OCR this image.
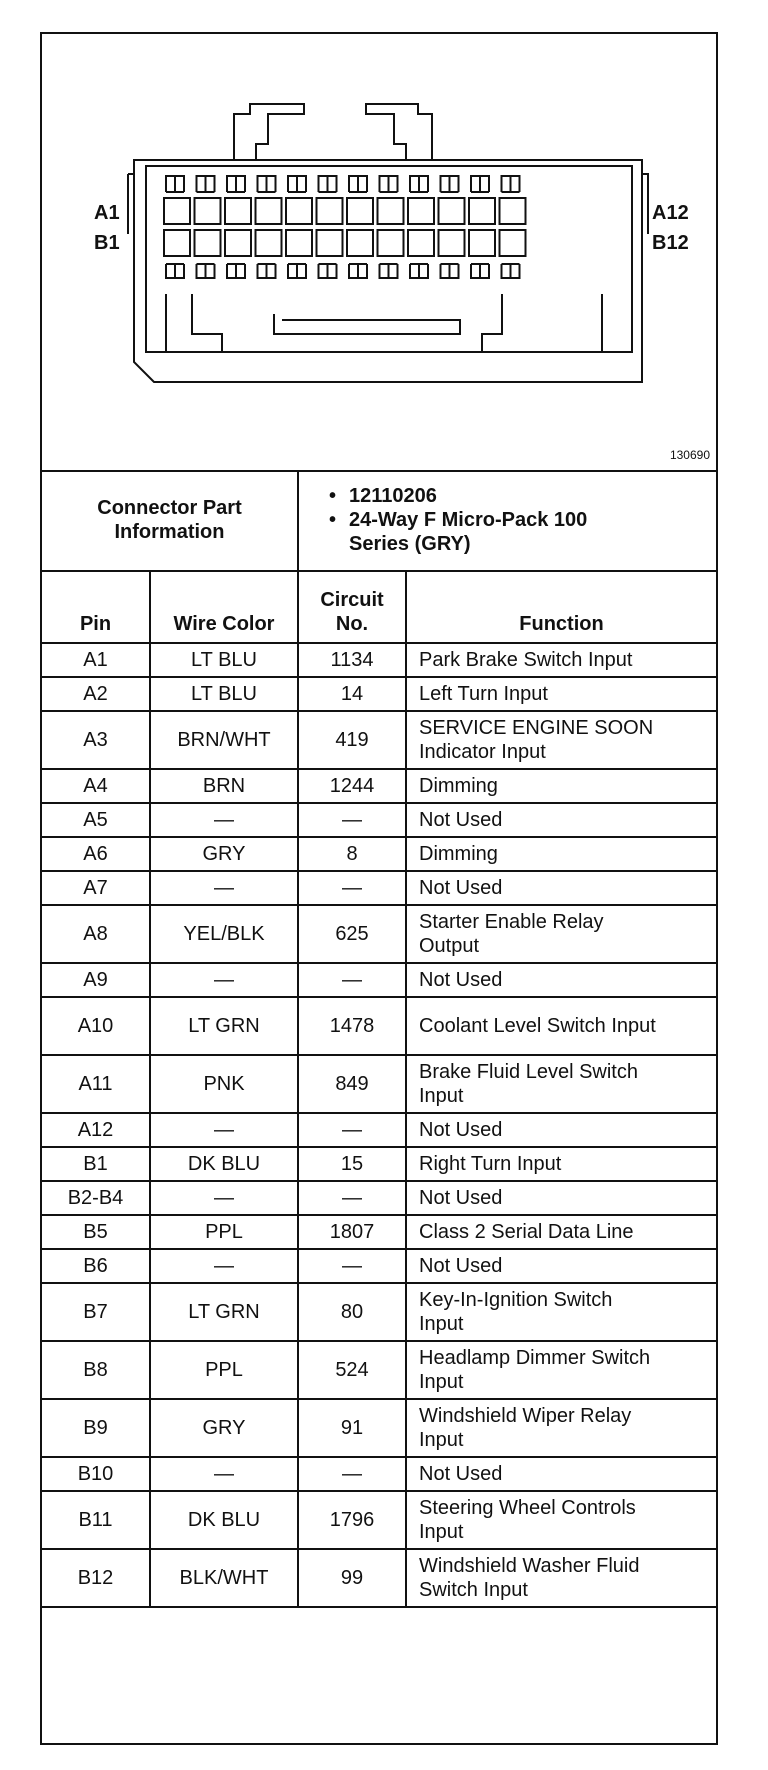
A1
B1
A12
B12
130690
Connector Part Information		• 12110206
• 24-Way F Micro-Pack 100 Series (GRY)

Pin	Wire Color	Circuit No.	Function
A1	LT BLU	1134	Park Brake Switch Input
A2	LT BLU	14	Left Turn Input
A3	BRN/WHT	419	SERVICE ENGINE SOON Indicator Input
A4	BRN	1244	Dimming
A5	—	—	Not Used
A6	GRY	8	Dimming
A7	—	—	Not Used
A8	YEL/BLK	625	Starter Enable Relay Output
A9	—	—	Not Used
A10	LT GRN	1478	Coolant Level Switch Input
A11	PNK	849	Brake Fluid Level Switch Input
A12	—	—	Not Used
B1	DK BLU	15	Right Turn Input
B2-B4	—	—	Not Used
B5	PPL	1807	Class 2 Serial Data Line
B6	—	—	Not Used
B7	LT GRN	80	Key-In-Ignition Switch Input
B8	PPL	524	Headlamp Dimmer Switch Input
B9	GRY	91	Windshield Wiper Relay Input
B10	—	—	Not Used
B11	DK BLU	1796	Steering Wheel Controls Input
B12	BLK/WHT	99	Windshield Washer Fluid Switch Input
